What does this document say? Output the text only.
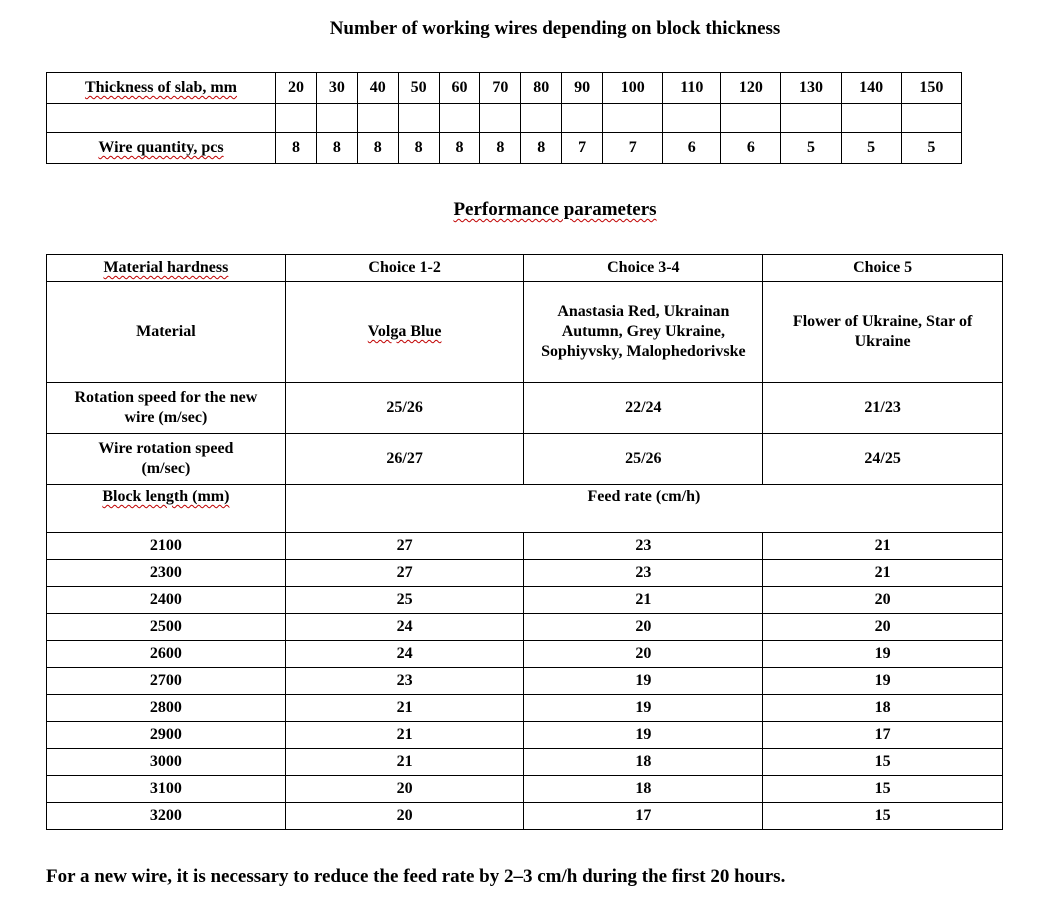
Number of working wires depending on block thickness
Thickness of slab, mm	20	30	40	50	60	70	80	90	100	110	120	130	140	150

Wire quantity, pcs	8	8	8	8	8	8	8	7	7	6	6	5	5	5
Performance parameters
Material hardness	Choice 1-2	Choice 3-4	Choice 5
Material	Volga Blue	Anastasia Red, Ukrainan Autumn, Grey Ukraine, Sophiyvsky, Malophedorivske	Flower of Ukraine, Star of Ukraine
Rotation speed for the new wire (m/sec)	25/26	22/24	21/23
Wire rotation speed (m/sec)	26/27	25/26	24/25
Block length (mm)	Feed rate (cm/h)		
2100	27	23	21
2300	27	23	21
2400	25	21	20
2500	24	20	20
2600	24	20	19
2700	23	19	19
2800	21	19	18
2900	21	19	17
3000	21	18	15
3100	20	18	15
3200	20	17	15

For a new wire, it is necessary to reduce the feed rate by 2–3 cm/h during the first 20 hours.
